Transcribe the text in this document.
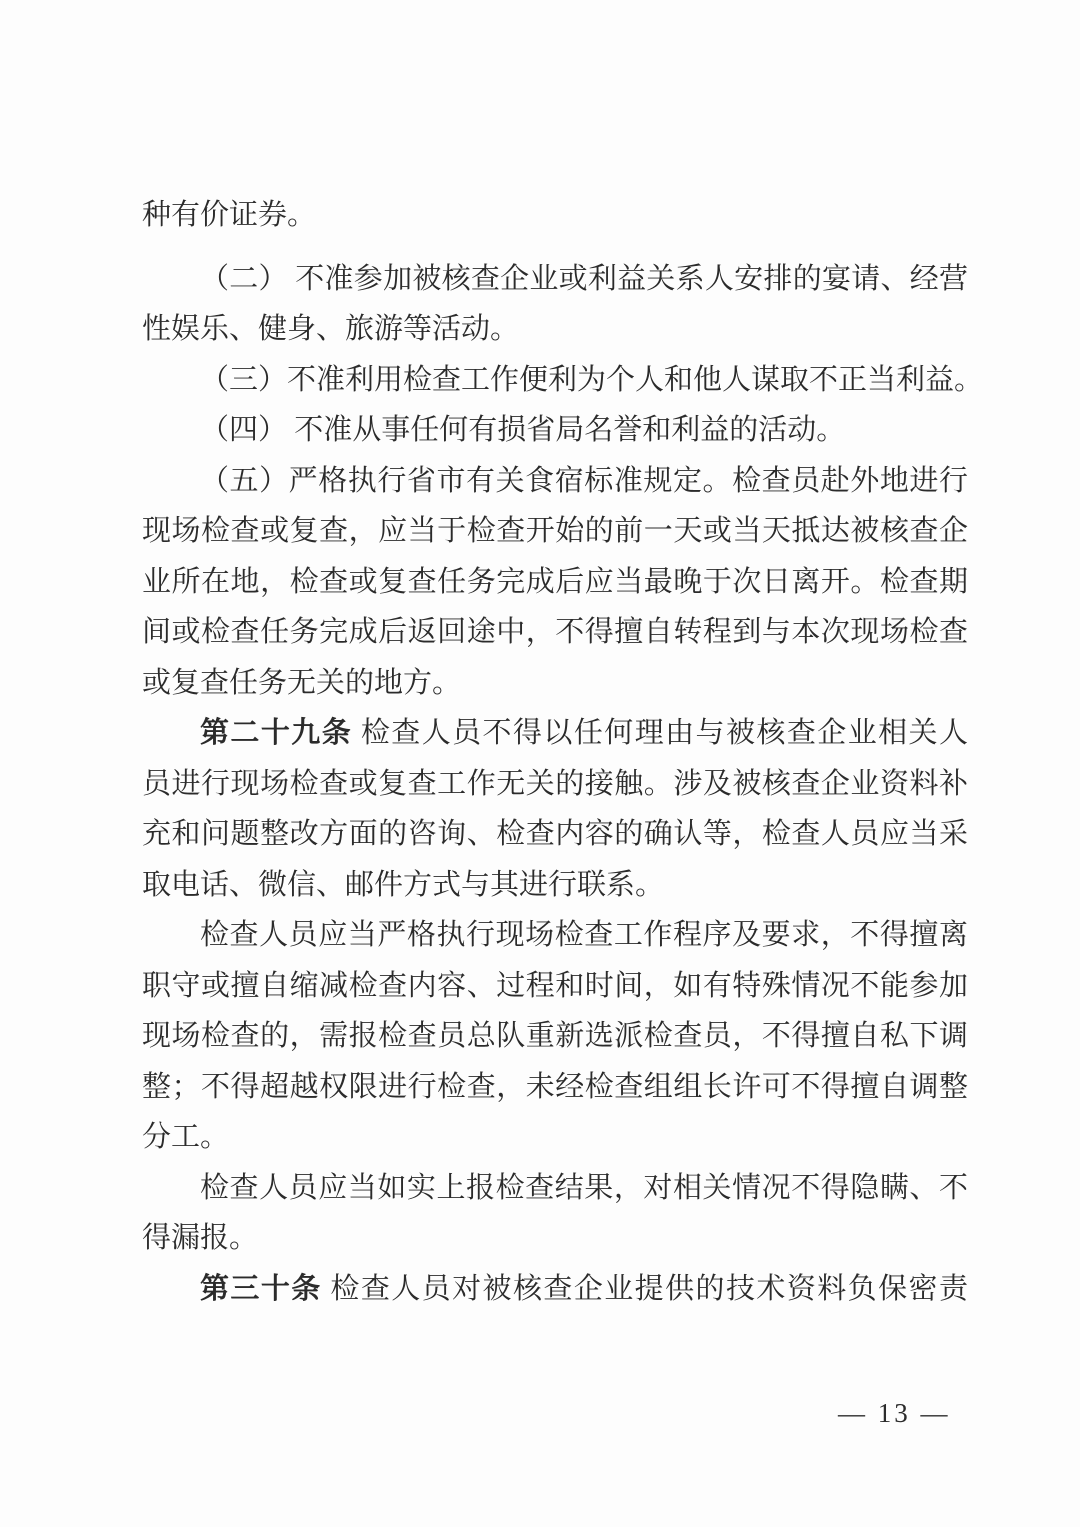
种有价证券。
（二） 不准参加被核查企业或利益关系人安排的宴请、经营
性娱乐、健身、旅游等活动。
（三）不准利用检查工作便利为个人和他人谋取不正当利益。
（四） 不准从事任何有损省局名誉和利益的活动。
（五）严格执行省市有关食宿标准规定。检查员赴外地进行
现场检查或复查，应当于检查开始的前一天或当天抵达被核查企
业所在地，检查或复查任务完成后应当最晚于次日离开。检查期
间或检查任务完成后返回途中，不得擅自转程到与本次现场检查
或复查任务无关的地方。
第二十九条 检查人员不得以任何理由与被核查企业相关人
员进行现场检查或复查工作无关的接触。涉及被核查企业资料补
充和问题整改方面的咨询、检查内容的确认等，检查人员应当采
取电话、微信、邮件方式与其进行联系。
检查人员应当严格执行现场检查工作程序及要求，不得擅离
职守或擅自缩减检查内容、过程和时间，如有特殊情况不能参加
现场检查的，需报检查员总队重新选派检查员，不得擅自私下调
整；不得超越权限进行检查，未经检查组组长许可不得擅自调整
分工。
检查人员应当如实上报检查结果，对相关情况不得隐瞒、不
得漏报。
第三十条 检查人员对被核查企业提供的技术资料负保密责
— 13 —
